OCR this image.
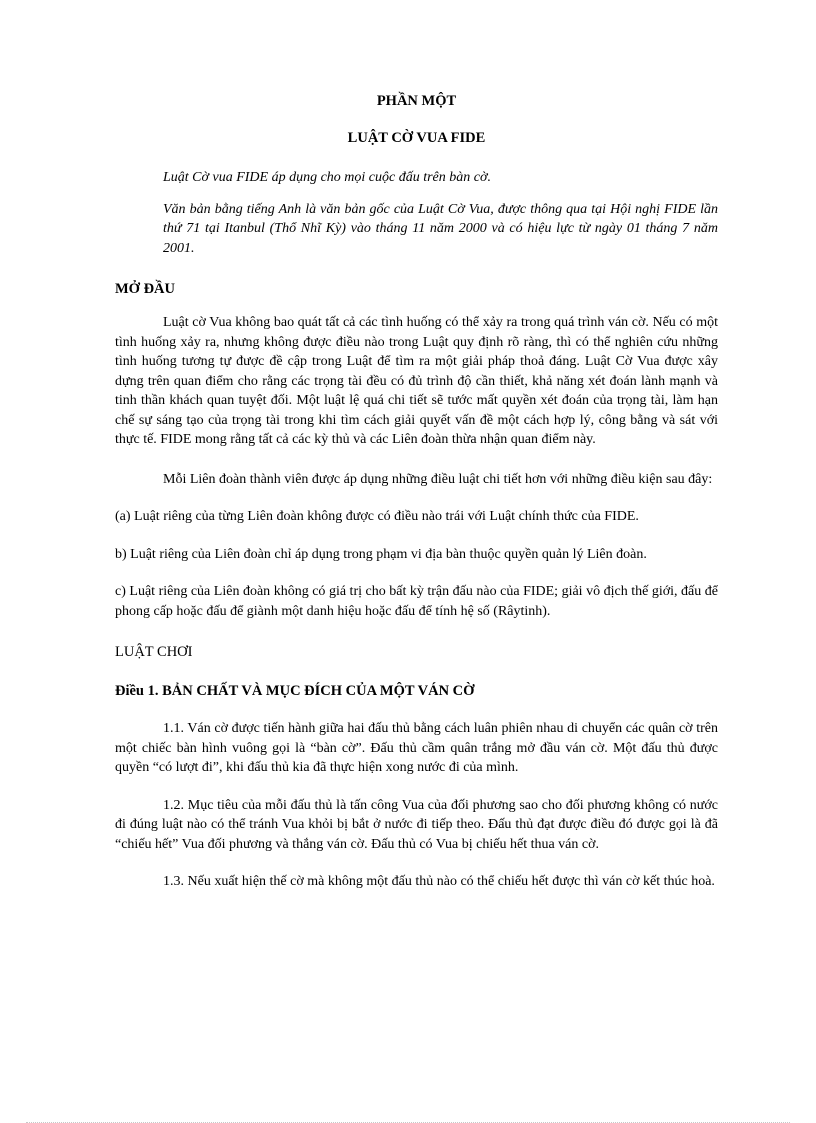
PHẦN MỘT

LUẬT CỜ VUA FIDE

Luật Cờ vua FIDE áp dụng cho mọi cuộc đấu trên bàn cờ.

Văn bản bằng tiếng Anh là văn bản gốc của Luật Cờ Vua, được thông qua tại Hội nghị FIDE lần thứ 71 tại Itanbul (Thổ Nhĩ Kỳ) vào tháng 11 năm 2000 và có hiệu lực từ ngày 01 tháng 7 năm 2001.

MỞ ĐẦU

Luật cờ Vua không bao quát tất cả các tình huống có thể xảy ra trong quá trình ván cờ. Nếu có một tình huống xảy ra, nhưng không được điều nào trong Luật quy định rõ ràng, thì có thể nghiên cứu những tình huống tương tự được đề cập trong Luật để tìm ra một giải pháp thoả đáng. Luật Cờ Vua được xây dựng trên quan điểm cho rằng các trọng tài đều có đủ trình độ cần thiết, khả năng xét đoán lành mạnh và tinh thần khách quan tuyệt đối. Một luật lệ quá chi tiết sẽ tước mất quyền xét đoán của trọng tài, làm hạn chế sự sáng tạo của trọng tài trong khi tìm cách giải quyết vấn đề một cách hợp lý, công bằng và sát với thực tế. FIDE mong rằng tất cả các kỳ thủ và các Liên đoàn thừa nhận quan điểm này.

Mỗi Liên đoàn thành viên được áp dụng những điều luật chi tiết hơn với những điều kiện sau đây:

(a) Luật riêng của từng Liên đoàn không được có điều nào trái với Luật chính thức của FIDE.

b) Luật riêng của Liên đoàn chỉ áp dụng trong phạm vi địa bàn thuộc quyền quản lý Liên đoàn.

c) Luật riêng của Liên đoàn không có giá trị cho bất kỳ trận đấu nào của FIDE; giải vô địch thế giới, đấu để phong cấp hoặc đấu để giành một danh hiệu hoặc đấu để tính hệ số (Râytinh).

LUẬT CHƠI

Điều 1. BẢN CHẤT VÀ MỤC ĐÍCH CỦA MỘT VÁN CỜ

1.1. Ván cờ được tiến hành giữa hai đấu thủ bằng cách luân phiên nhau di chuyển các quân cờ trên một chiếc bàn hình vuông gọi là “bàn cờ”. Đấu thủ cầm quân trắng mở đầu ván cờ. Một đấu thủ được quyền “có lượt đi”, khi đấu thủ kia đã thực hiện xong nước đi của mình.

1.2. Mục tiêu của mỗi đấu thủ là tấn công Vua của đối phương sao cho đối phương không có nước đi đúng luật nào có thể tránh Vua khỏi bị bắt ở nước đi tiếp theo. Đấu thủ đạt được điều đó được gọi là đã “chiếu hết” Vua đối phương và thắng ván cờ. Đấu thủ có Vua bị chiếu hết thua ván cờ.

1.3. Nếu xuất hiện thế cờ mà không một đấu thủ nào có thể chiếu hết được thì ván cờ kết thúc hoà.
